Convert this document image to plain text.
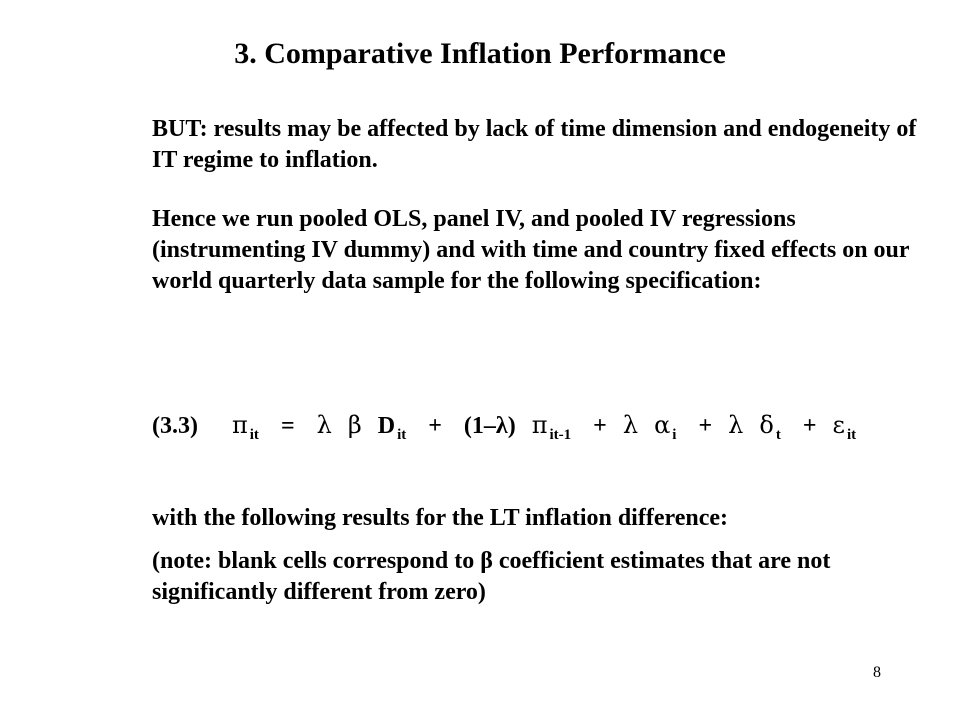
3. Comparative Inflation Performance

BUT: results may be affected by lack of time dimension and endogeneity of IT regime to inflation.

Hence we run pooled OLS, panel IV, and pooled IV regressions (instrumenting IV dummy) and with time and country fixed effects on our world quarterly data sample for the following specification:

(3.3) π it = λ β D it + (1–λ) π it-1 + λ α i + λ δ t + ε it

with the following results for the LT inflation difference:

(note: blank cells correspond to β coefficient estimates that are not significantly different from zero)

8
